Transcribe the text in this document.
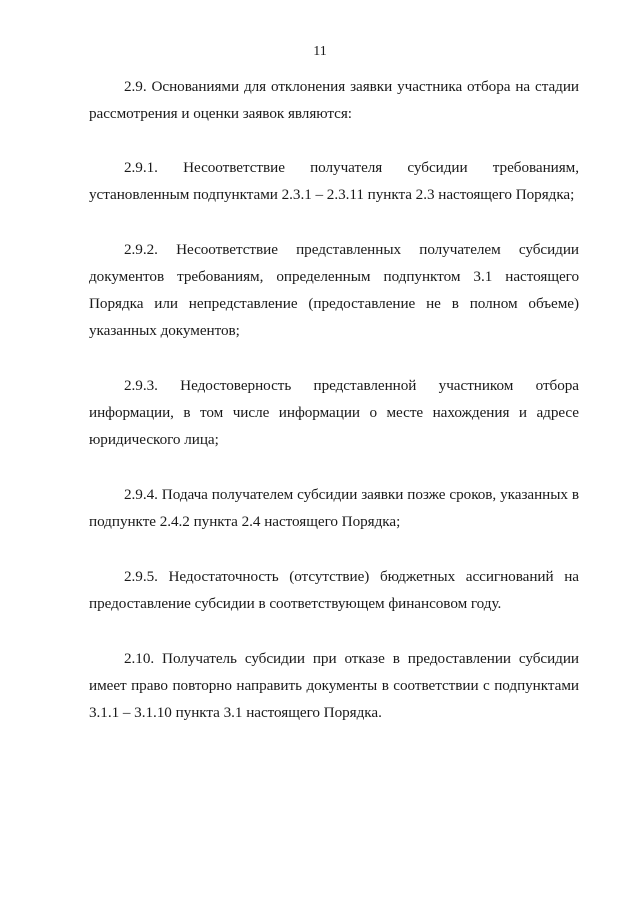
11

2.9. Основаниями для отклонения заявки участника отбора на стадии рассмотрения и оценки заявок являются:

2.9.1. Несоответствие получателя субсидии требованиям, установленным подпунктами 2.3.1 – 2.3.11 пункта 2.3 настоящего Порядка;

2.9.2. Несоответствие представленных получателем субсидии документов требованиям, определенным подпунктом 3.1 настоящего Порядка или непредставление (предоставление не в полном объеме) указанных документов;

2.9.3. Недостоверность представленной участником отбора информации, в том числе информации о месте нахождения и адресе юридического лица;

2.9.4. Подача получателем субсидии заявки позже сроков, указанных в подпункте 2.4.2 пункта 2.4 настоящего Порядка;

2.9.5. Недостаточность (отсутствие) бюджетных ассигнований на предоставление субсидии в соответствующем финансовом году.

2.10. Получатель субсидии при отказе в предоставлении субсидии имеет право повторно направить документы в соответствии с подпунктами 3.1.1 – 3.1.10 пункта 3.1 настоящего Порядка.
